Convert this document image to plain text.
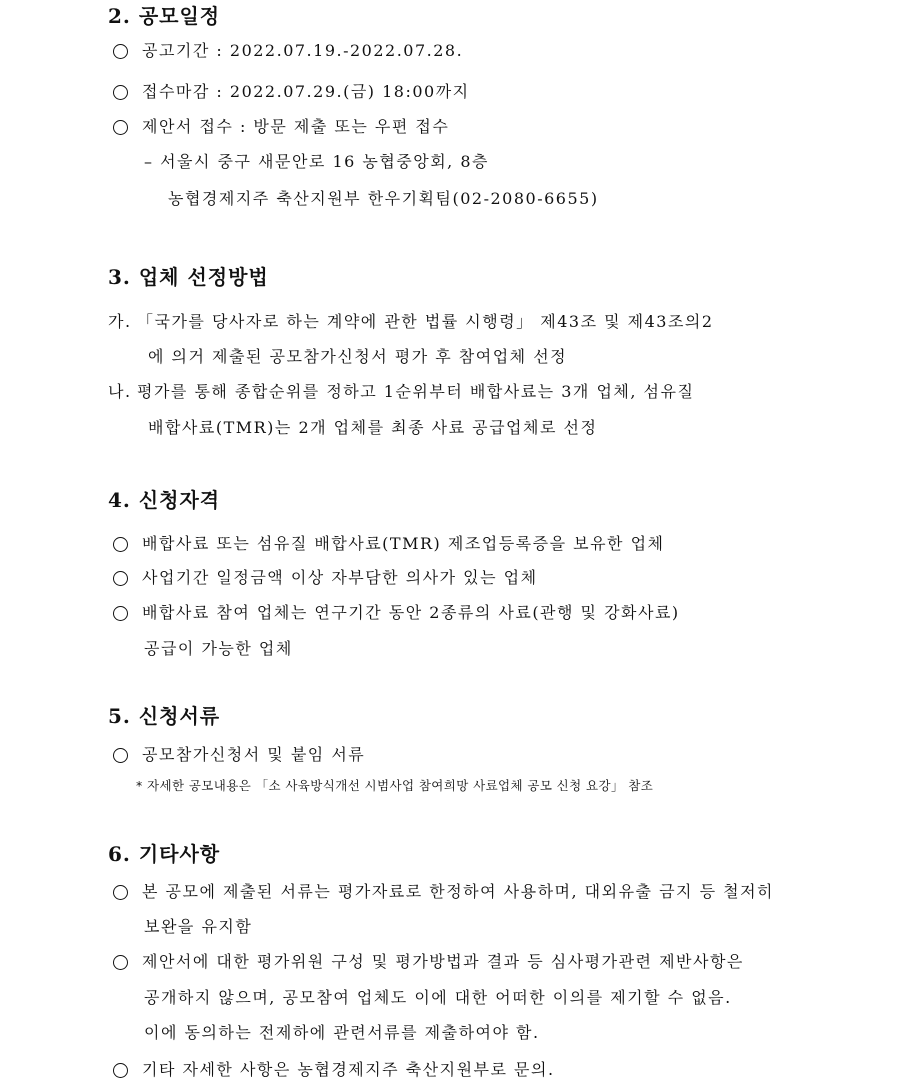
2. 공모일정
공고기간 : 2022.07.19.-2022.07.28.
접수마감 : 2022.07.29.(금) 18:00까지
제안서 접수 : 방문 제출 또는 우편 접수
– 서울시 중구 새문안로 16 농협중앙회, 8층
농협경제지주 축산지원부 한우기획팀(02-2080-6655)
3. 업체 선정방법
가. 「국가를 당사자로 하는 계약에 관한 법률 시행령」 제43조 및 제43조의2
에 의거 제출된 공모참가신청서 평가 후 참여업체 선정
나. 평가를 통해 종합순위를 정하고 1순위부터 배합사료는 3개 업체, 섬유질
배합사료(TMR)는 2개 업체를 최종 사료 공급업체로 선정
4. 신청자격
배합사료 또는 섬유질 배합사료(TMR) 제조업등록증을 보유한 업체
사업기간 일정금액 이상 자부담한 의사가 있는 업체
배합사료 참여 업체는 연구기간 동안 2종류의 사료(관행 및 강화사료)
공급이 가능한 업체
5. 신청서류
공모참가신청서 및 붙임 서류
* 자세한 공모내용은 「소 사육방식개선 시범사업 참여희망 사료업체 공모 신청 요강」 참조
6. 기타사항
본 공모에 제출된 서류는 평가자료로 한정하여 사용하며, 대외유출 금지 등 철저히
보완을 유지함
제안서에 대한 평가위원 구성 및 평가방법과 결과 등 심사평가관련 제반사항은
공개하지 않으며, 공모참여 업체도 이에 대한 어떠한 이의를 제기할 수 없음.
이에 동의하는 전제하에 관련서류를 제출하여야 함.
기타 자세한 사항은 농협경제지주 축산지원부로 문의.
